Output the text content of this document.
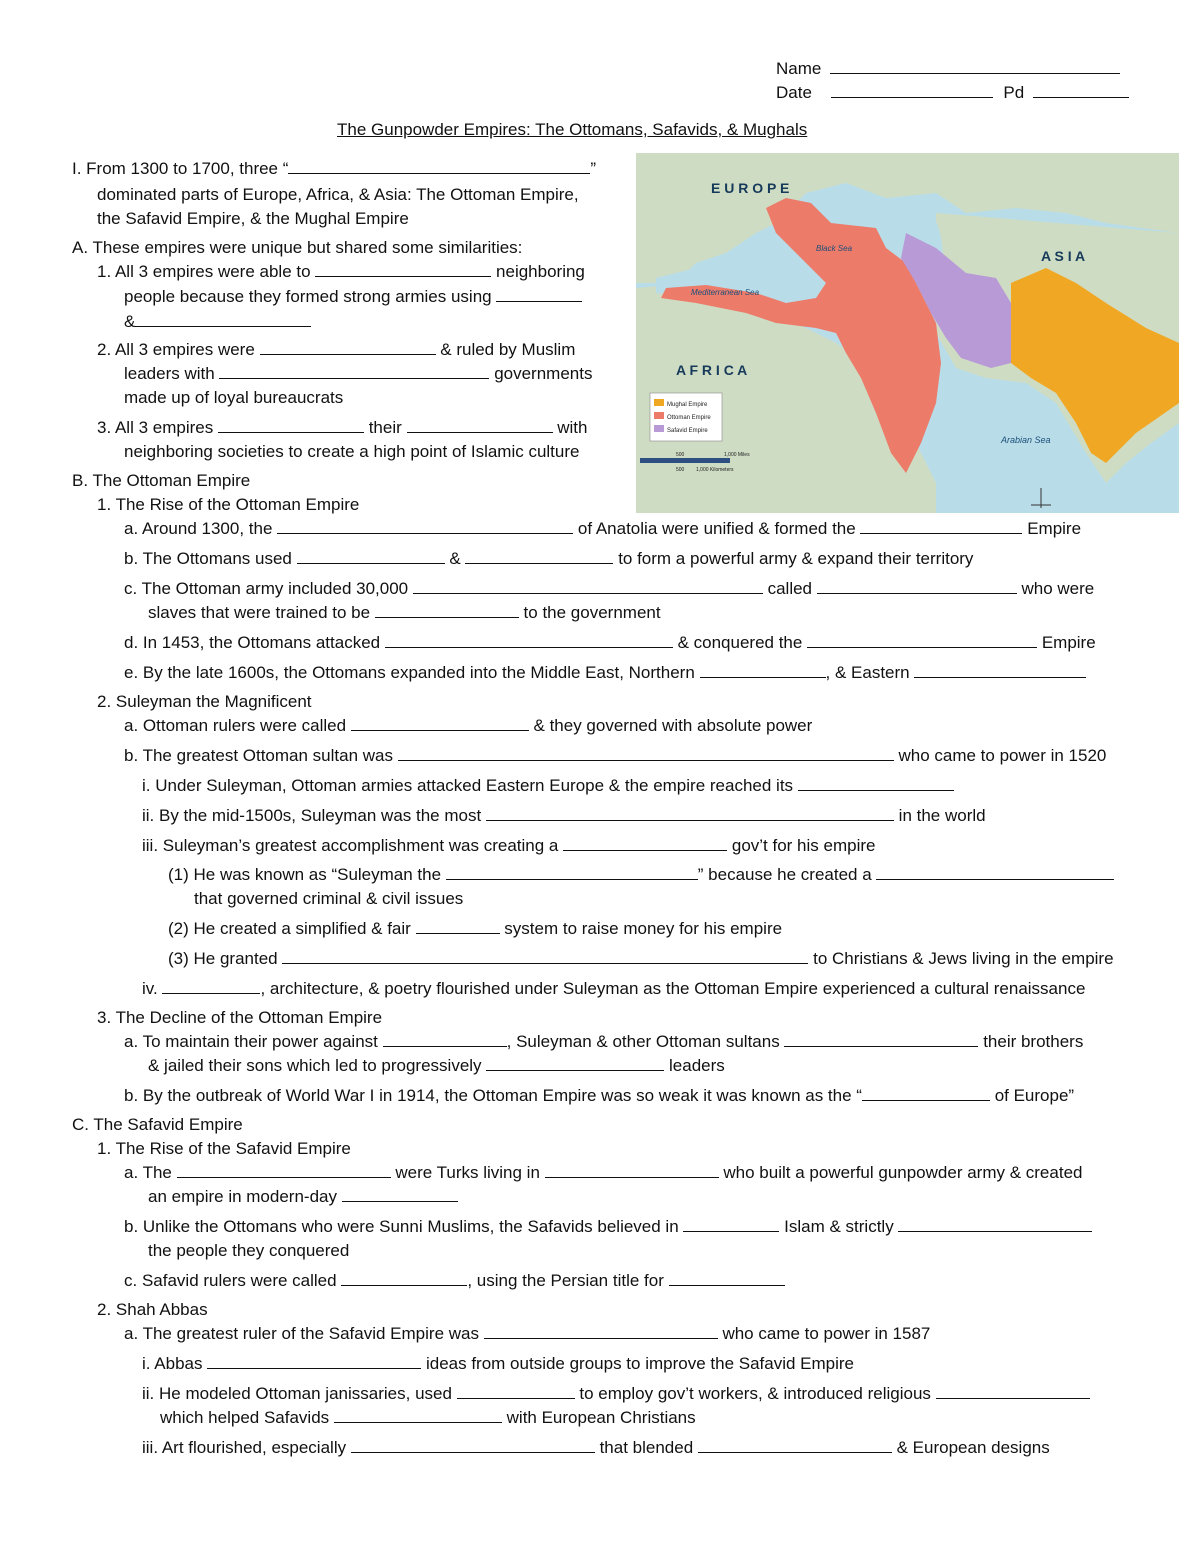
Name
Date	Pd
The Gunpowder Empires: The Ottomans, Safavids, & Mughals
E U R O P E
A S I A
A F R I C A
Black Sea
Mediterranean Sea
Arabian Sea
Mughal Empire
Ottoman Empire
Safavid Empire
500	1,000 Miles
500 1,000 Kilometers
I. From 1300 to 1700, three “	”
dominated parts of Europe, Africa, & Asia: The Ottoman Empire,
the Safavid Empire, & the Mughal Empire
A. These empires were unique but shared some similarities:
1. All 3 empires were able to	neighboring
people because they formed strong armies using
&
2. All 3 empires were	& ruled by Muslim
leaders with	governments
made up of loyal bureaucrats
3. All 3 empires	their	with
neighboring societies to create a high point of Islamic culture
B. The Ottoman Empire
1. The Rise of the Ottoman Empire
a. Around 1300, the	of Anatolia were unified & formed the	Empire
b. The Ottomans used	&	to form a powerful army & expand their territory
c. The Ottoman army included 30,000	called	who were
slaves that were trained to be	to the government
d. In 1453, the Ottomans attacked	& conquered the	Empire
e. By the late 1600s, the Ottomans expanded into the Middle East, Northern	, & Eastern
2. Suleyman the Magnificent
a. Ottoman rulers were called	& they governed with absolute power
b. The greatest Ottoman sultan was	who came to power in 1520
i. Under Suleyman, Ottoman armies attacked Eastern Europe & the empire reached its
ii. By the mid-1500s, Suleyman was the most	in the world
iii. Suleyman’s greatest accomplishment was creating a	gov’t for his empire
(1) He was known as “Suleyman the	” because he created a
that governed criminal & civil issues
(2) He created a simplified & fair	system to raise money for his empire
(3) He granted	to Christians & Jews living in the empire
iv.	, architecture, & poetry flourished under Suleyman as the Ottoman Empire experienced a cultural renaissance
3. The Decline of the Ottoman Empire
a. To maintain their power against	, Suleyman & other Ottoman sultans	their brothers
& jailed their sons which led to progressively	leaders
b. By the outbreak of World War I in 1914, the Ottoman Empire was so weak it was known as the “	of Europe”
C. The Safavid Empire
1. The Rise of the Safavid Empire
a. The	were Turks living in	who built a powerful gunpowder army & created
an empire in modern-day
b. Unlike the Ottomans who were Sunni Muslims, the Safavids believed in	Islam & strictly
the people they conquered
c. Safavid rulers were called	, using the Persian title for
2. Shah Abbas
a. The greatest ruler of the Safavid Empire was	who came to power in 1587
i. Abbas	ideas from outside groups to improve the Safavid Empire
ii. He modeled Ottoman janissaries, used	to employ gov’t workers, & introduced religious
which helped Safavids	with European Christians
iii. Art flourished, especially	that blended	& European designs
